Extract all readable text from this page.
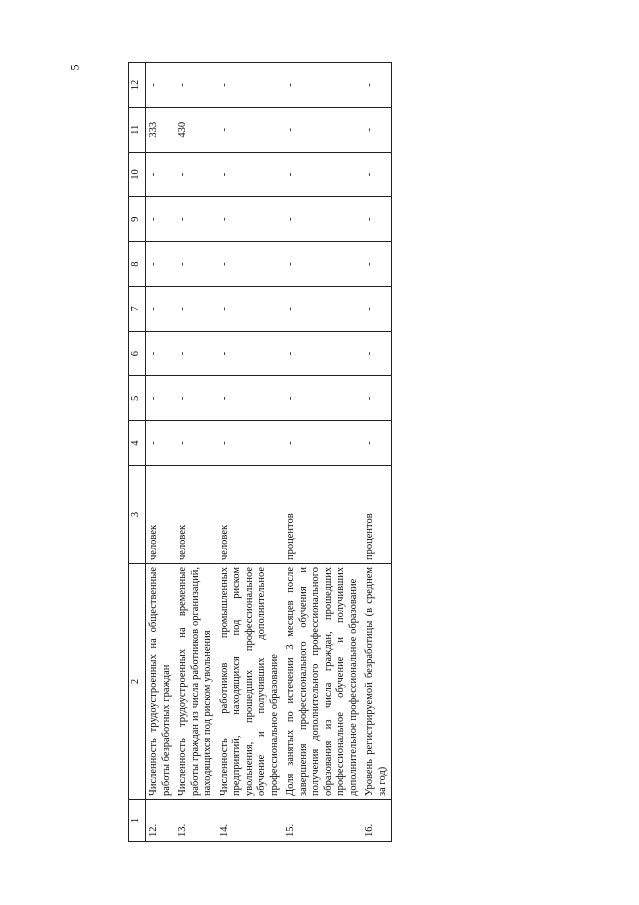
5
1	2	3	4	5	6	7	8	9	10	11	12
12.	Численность трудоустроенных на общественные работы безработных граждан	человек	-	-	-	-	-	-	-	333	-
13.	Численность трудоустроенных на временные работы граждан из числа работников организаций, находящихся под риском увольнения	человек	-	-	-	-	-	-	-	430	-
14.	Численность работников промышленных предприятий, находящихся под риском увольнения, прошедших профессиональное обучение и получивших дополнительное профессиональное образование	человек	-	-	-	-	-	-	-	-	-
15.	Доля занятых по истечении 3 месяцев после завершения профессионального обучения и получения дополнительного профессионального образования из числа граждан, прошедших профессиональное обучение и получивших дополнительное профессиональное образование	процентов	-	-	-	-	-	-	-	-	-
16.	Уровень регистрируемой безработицы (в среднем за год)	процентов	-	-	-	-	-	-	-	-	-
